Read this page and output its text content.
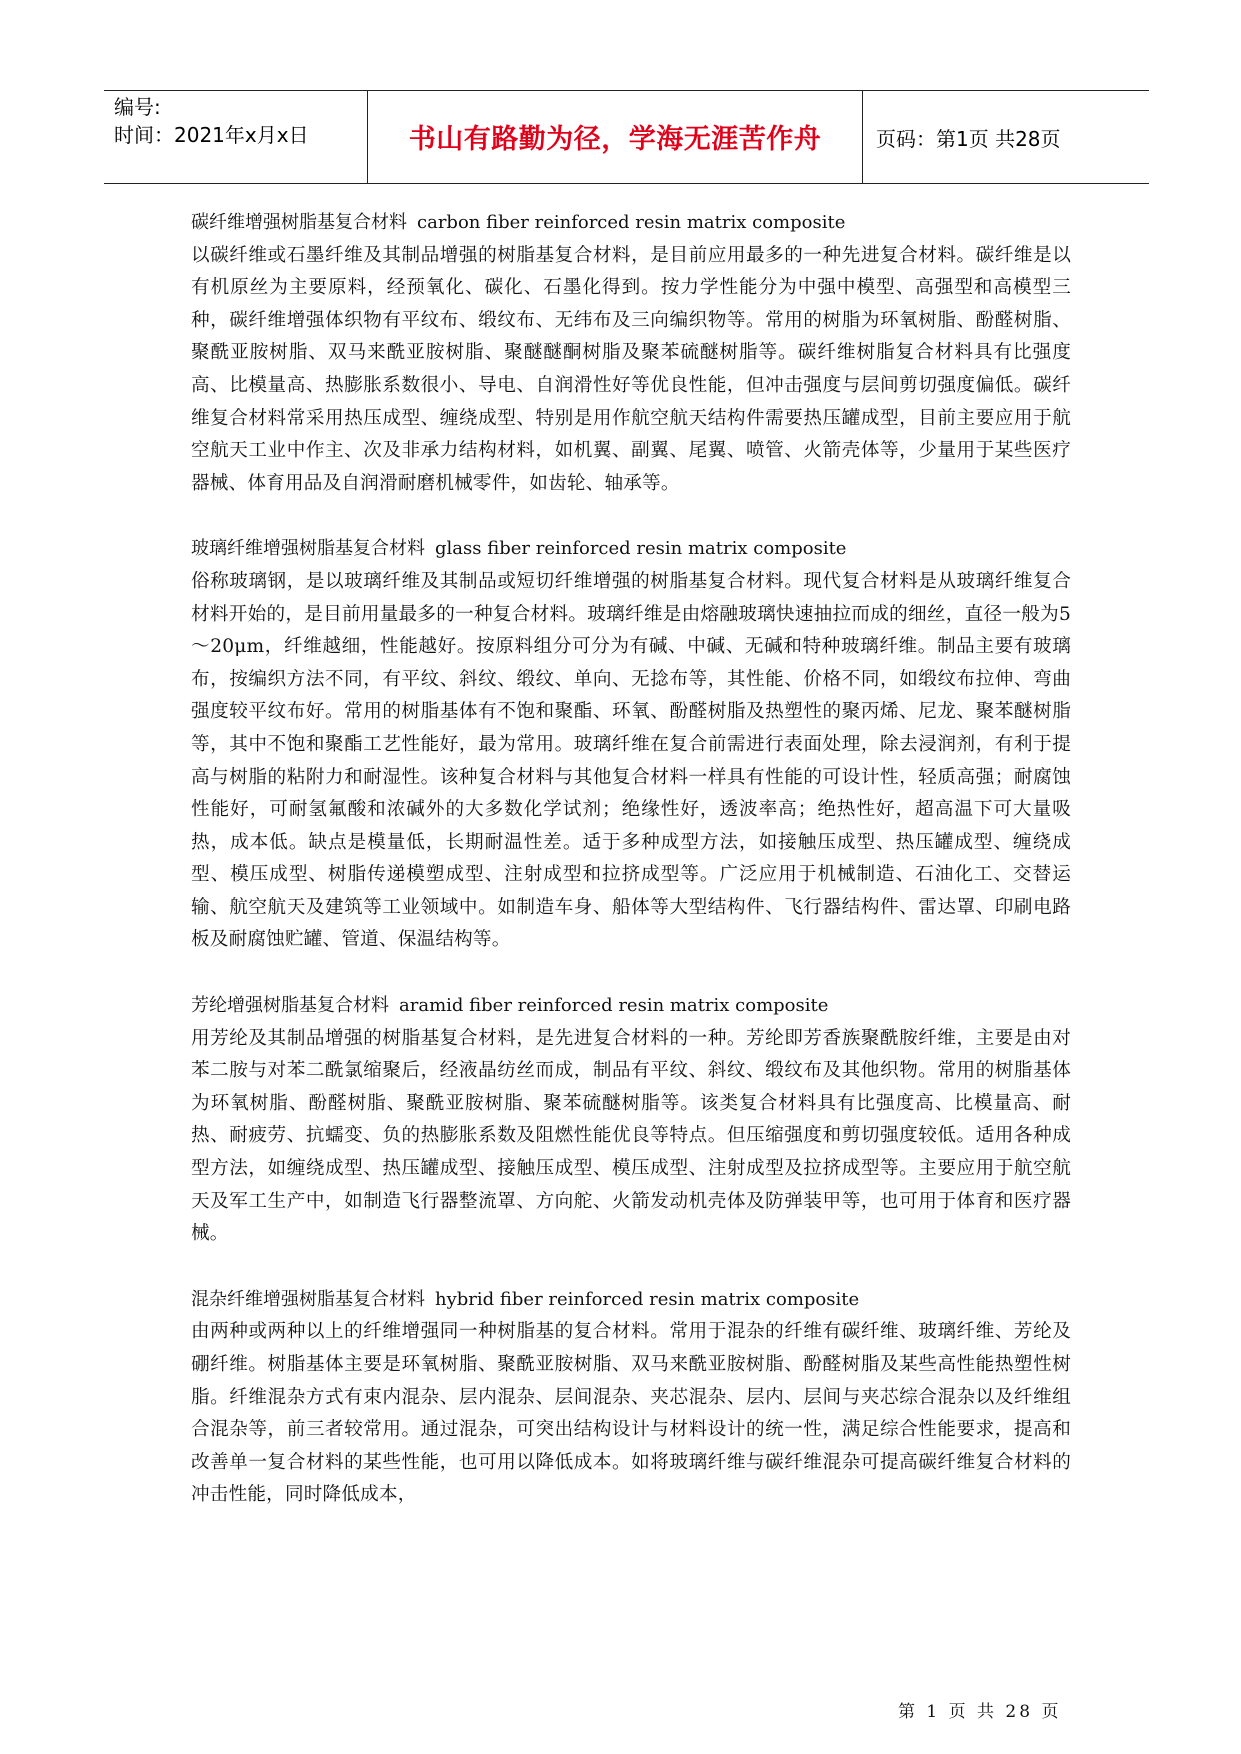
编号:
时间：2021年x月x日	书山有路勤为径，学海无涯苦作舟	页码：第1页 共28页
碳纤维增强树脂基复合材料 carbon fiber reinforced resin matrix composite
以碳纤维或石墨纤维及其制品增强的树脂基复合材料，是目前应用最多的一种先进复合材料。碳纤维是以有机原丝为主要原料，经预氧化、碳化、石墨化得到。按力学性能分为中强中模型、高强型和高模型三种，碳纤维增强体织物有平纹布、缎纹布、无纬布及三向编织物等。常用的树脂为环氧树脂、酚醛树脂、聚酰亚胺树脂、双马来酰亚胺树脂、聚醚醚酮树脂及聚苯硫醚树脂等。碳纤维树脂复合材料具有比强度高、比模量高、热膨胀系数很小、导电、自润滑性好等优良性能，但冲击强度与层间剪切强度偏低。碳纤维复合材料常采用热压成型、缠绕成型、特别是用作航空航天结构件需要热压罐成型，目前主要应用于航空航天工业中作主、次及非承力结构材料，如机翼、副翼、尾翼、喷管、火箭壳体等，少量用于某些医疗器械、体育用品及自润滑耐磨机械零件，如齿轮、轴承等。
玻璃纤维增强树脂基复合材料 glass fiber reinforced resin matrix composite
俗称玻璃钢，是以玻璃纤维及其制品或短切纤维增强的树脂基复合材料。现代复合材料是从玻璃纤维复合材料开始的，是目前用量最多的一种复合材料。玻璃纤维是由熔融玻璃快速抽拉而成的细丝，直径一般为5～20μm，纤维越细，性能越好。按原料组分可分为有碱、中碱、无碱和特种玻璃纤维。制品主要有玻璃布，按编织方法不同，有平纹、斜纹、缎纹、单向、无捻布等，其性能、价格不同，如缎纹布拉伸、弯曲强度较平纹布好。常用的树脂基体有不饱和聚酯、环氧、酚醛树脂及热塑性的聚丙烯、尼龙、聚苯醚树脂等，其中不饱和聚酯工艺性能好，最为常用。玻璃纤维在复合前需进行表面处理，除去浸润剂，有利于提高与树脂的粘附力和耐湿性。该种复合材料与其他复合材料一样具有性能的可设计性，轻质高强；耐腐蚀性能好，可耐氢氟酸和浓碱外的大多数化学试剂；绝缘性好，透波率高；绝热性好，超高温下可大量吸热，成本低。缺点是模量低，长期耐温性差。适于多种成型方法，如接触压成型、热压罐成型、缠绕成型、模压成型、树脂传递模塑成型、注射成型和拉挤成型等。广泛应用于机械制造、石油化工、交替运输、航空航天及建筑等工业领域中。如制造车身、船体等大型结构件、飞行器结构件、雷达罩、印刷电路板及耐腐蚀贮罐、管道、保温结构等。
芳纶增强树脂基复合材料 aramid fiber reinforced resin matrix composite
用芳纶及其制品增强的树脂基复合材料，是先进复合材料的一种。芳纶即芳香族聚酰胺纤维，主要是由对苯二胺与对苯二酰氯缩聚后，经液晶纺丝而成，制品有平纹、斜纹、缎纹布及其他织物。常用的树脂基体为环氧树脂、酚醛树脂、聚酰亚胺树脂、聚苯硫醚树脂等。该类复合材料具有比强度高、比模量高、耐热、耐疲劳、抗蠕变、负的热膨胀系数及阻燃性能优良等特点。但压缩强度和剪切强度较低。适用各种成型方法，如缠绕成型、热压罐成型、接触压成型、模压成型、注射成型及拉挤成型等。主要应用于航空航天及军工生产中，如制造飞行器整流罩、方向舵、火箭发动机壳体及防弹装甲等，也可用于体育和医疗器械。
混杂纤维增强树脂基复合材料 hybrid fiber reinforced resin matrix composite
由两种或两种以上的纤维增强同一种树脂基的复合材料。常用于混杂的纤维有碳纤维、玻璃纤维、芳纶及硼纤维。树脂基体主要是环氧树脂、聚酰亚胺树脂、双马来酰亚胺树脂、酚醛树脂及某些高性能热塑性树脂。纤维混杂方式有束内混杂、层内混杂、层间混杂、夹芯混杂、层内、层间与夹芯综合混杂以及纤维组合混杂等，前三者较常用。通过混杂，可突出结构设计与材料设计的统一性，满足综合性能要求，提高和改善单一复合材料的某些性能，也可用以降低成本。如将玻璃纤维与碳纤维混杂可提高碳纤维复合材料的冲击性能，同时降低成本，
第 1 页 共 28 页
